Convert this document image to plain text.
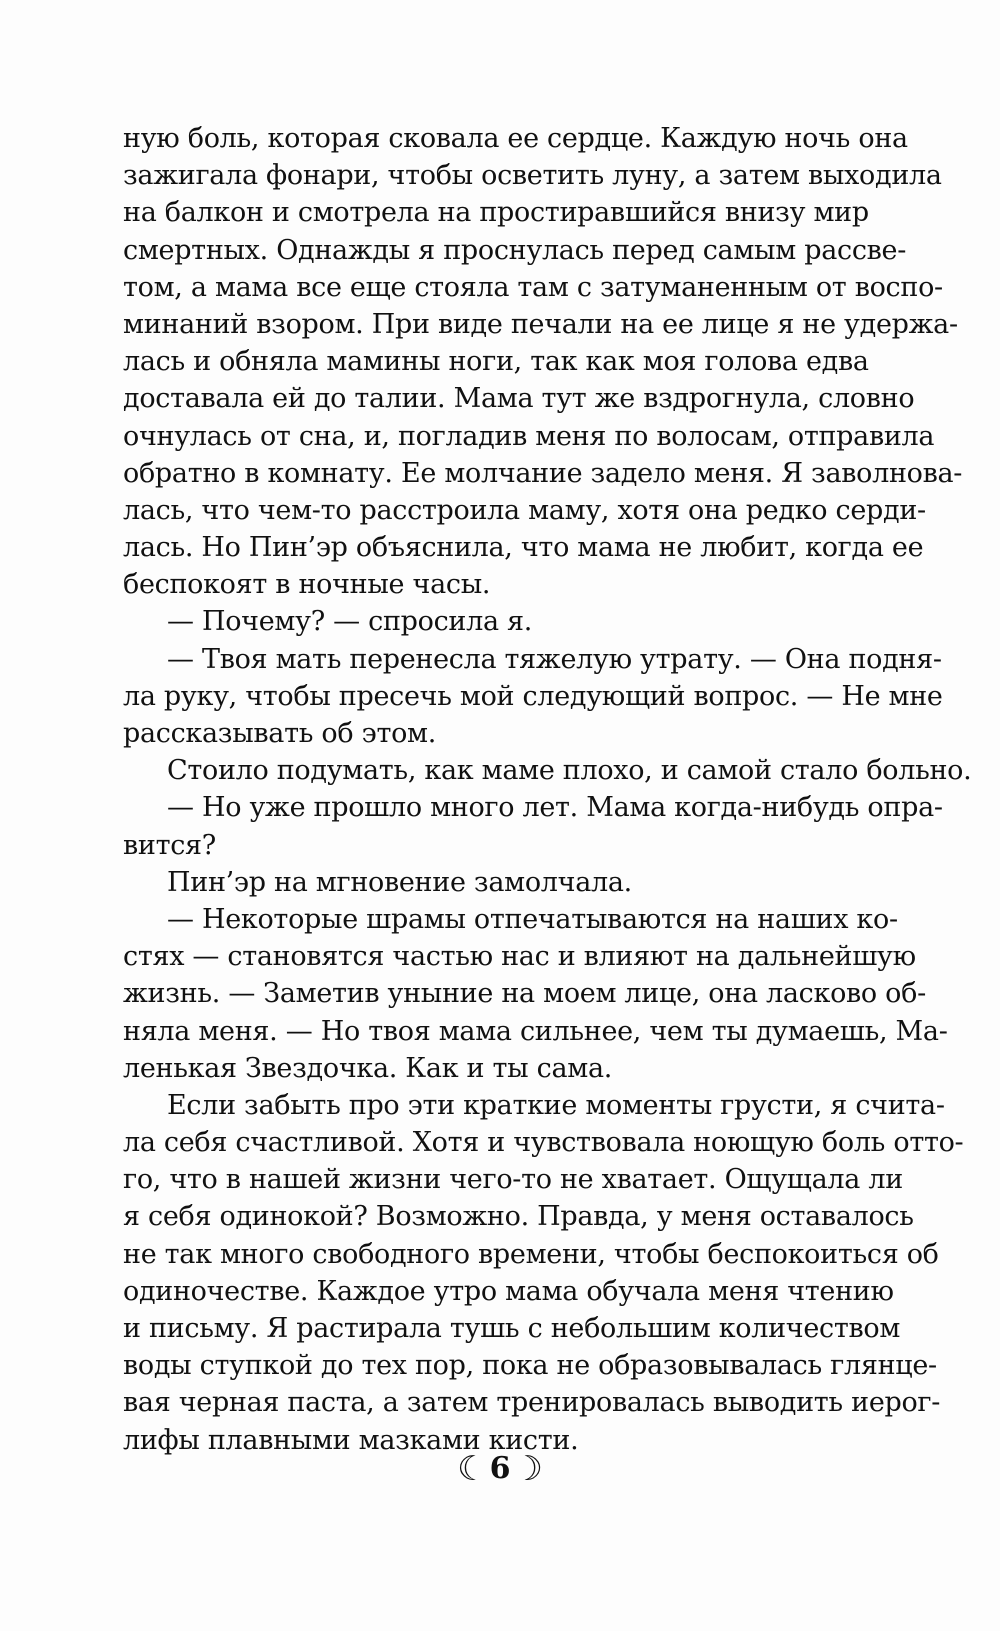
ную боль, которая сковала ее сердце. Каждую ночь она
зажигала фонари, чтобы осветить луну, а затем выходила
на балкон и смотрела на простиравшийся внизу мир
смертных. Однажды я проснулась перед самым рассве-
том, а мама все еще стояла там с затуманенным от воспо-
минаний взором. При виде печали на ее лице я не удержа-
лась и обняла мамины ноги, так как моя голова едва
доставала ей до талии. Мама тут же вздрогнула, словно
очнулась от сна, и, погладив меня по волосам, отправила
обратно в комнату. Ее молчание задело меня. Я заволнова-
лась, что чем-то расстроила маму, хотя она редко серди-
лась. Но Пин’эр объяснила, что мама не любит, когда ее
беспокоят в ночные часы.
— Почему? — спросила я.
— Твоя мать перенесла тяжелую утрату. — Она подня-
ла руку, чтобы пресечь мой следующий вопрос. — Не мне
рассказывать об этом.
Стоило подумать, как маме плохо, и самой стало больно.
— Но уже прошло много лет. Мама когда-нибудь опра-
вится?
Пин’эр на мгновение замолчала.
— Некоторые шрамы отпечатываются на наших ко-
стях — становятся частью нас и влияют на дальнейшую
жизнь. — Заметив уныние на моем лице, она ласково об-
няла меня. — Но твоя мама сильнее, чем ты думаешь, Ма-
ленькая Звездочка. Как и ты сама.
Если забыть про эти краткие моменты грусти, я счита-
ла себя счастливой. Хотя и чувствовала ноющую боль отто-
го, что в нашей жизни чего-то не хватает. Ощущала ли
я себя одинокой? Возможно. Правда, у меня оставалось
не так много свободного времени, чтобы беспокоиться об
одиночестве. Каждое утро мама обучала меня чтению
и письму. Я растирала тушь с небольшим количеством
воды ступкой до тех пор, пока не образовывалась глянце-
вая черная паста, а затем тренировалась выводить иерог-
лифы плавными мазками кисти.
☾6☽
